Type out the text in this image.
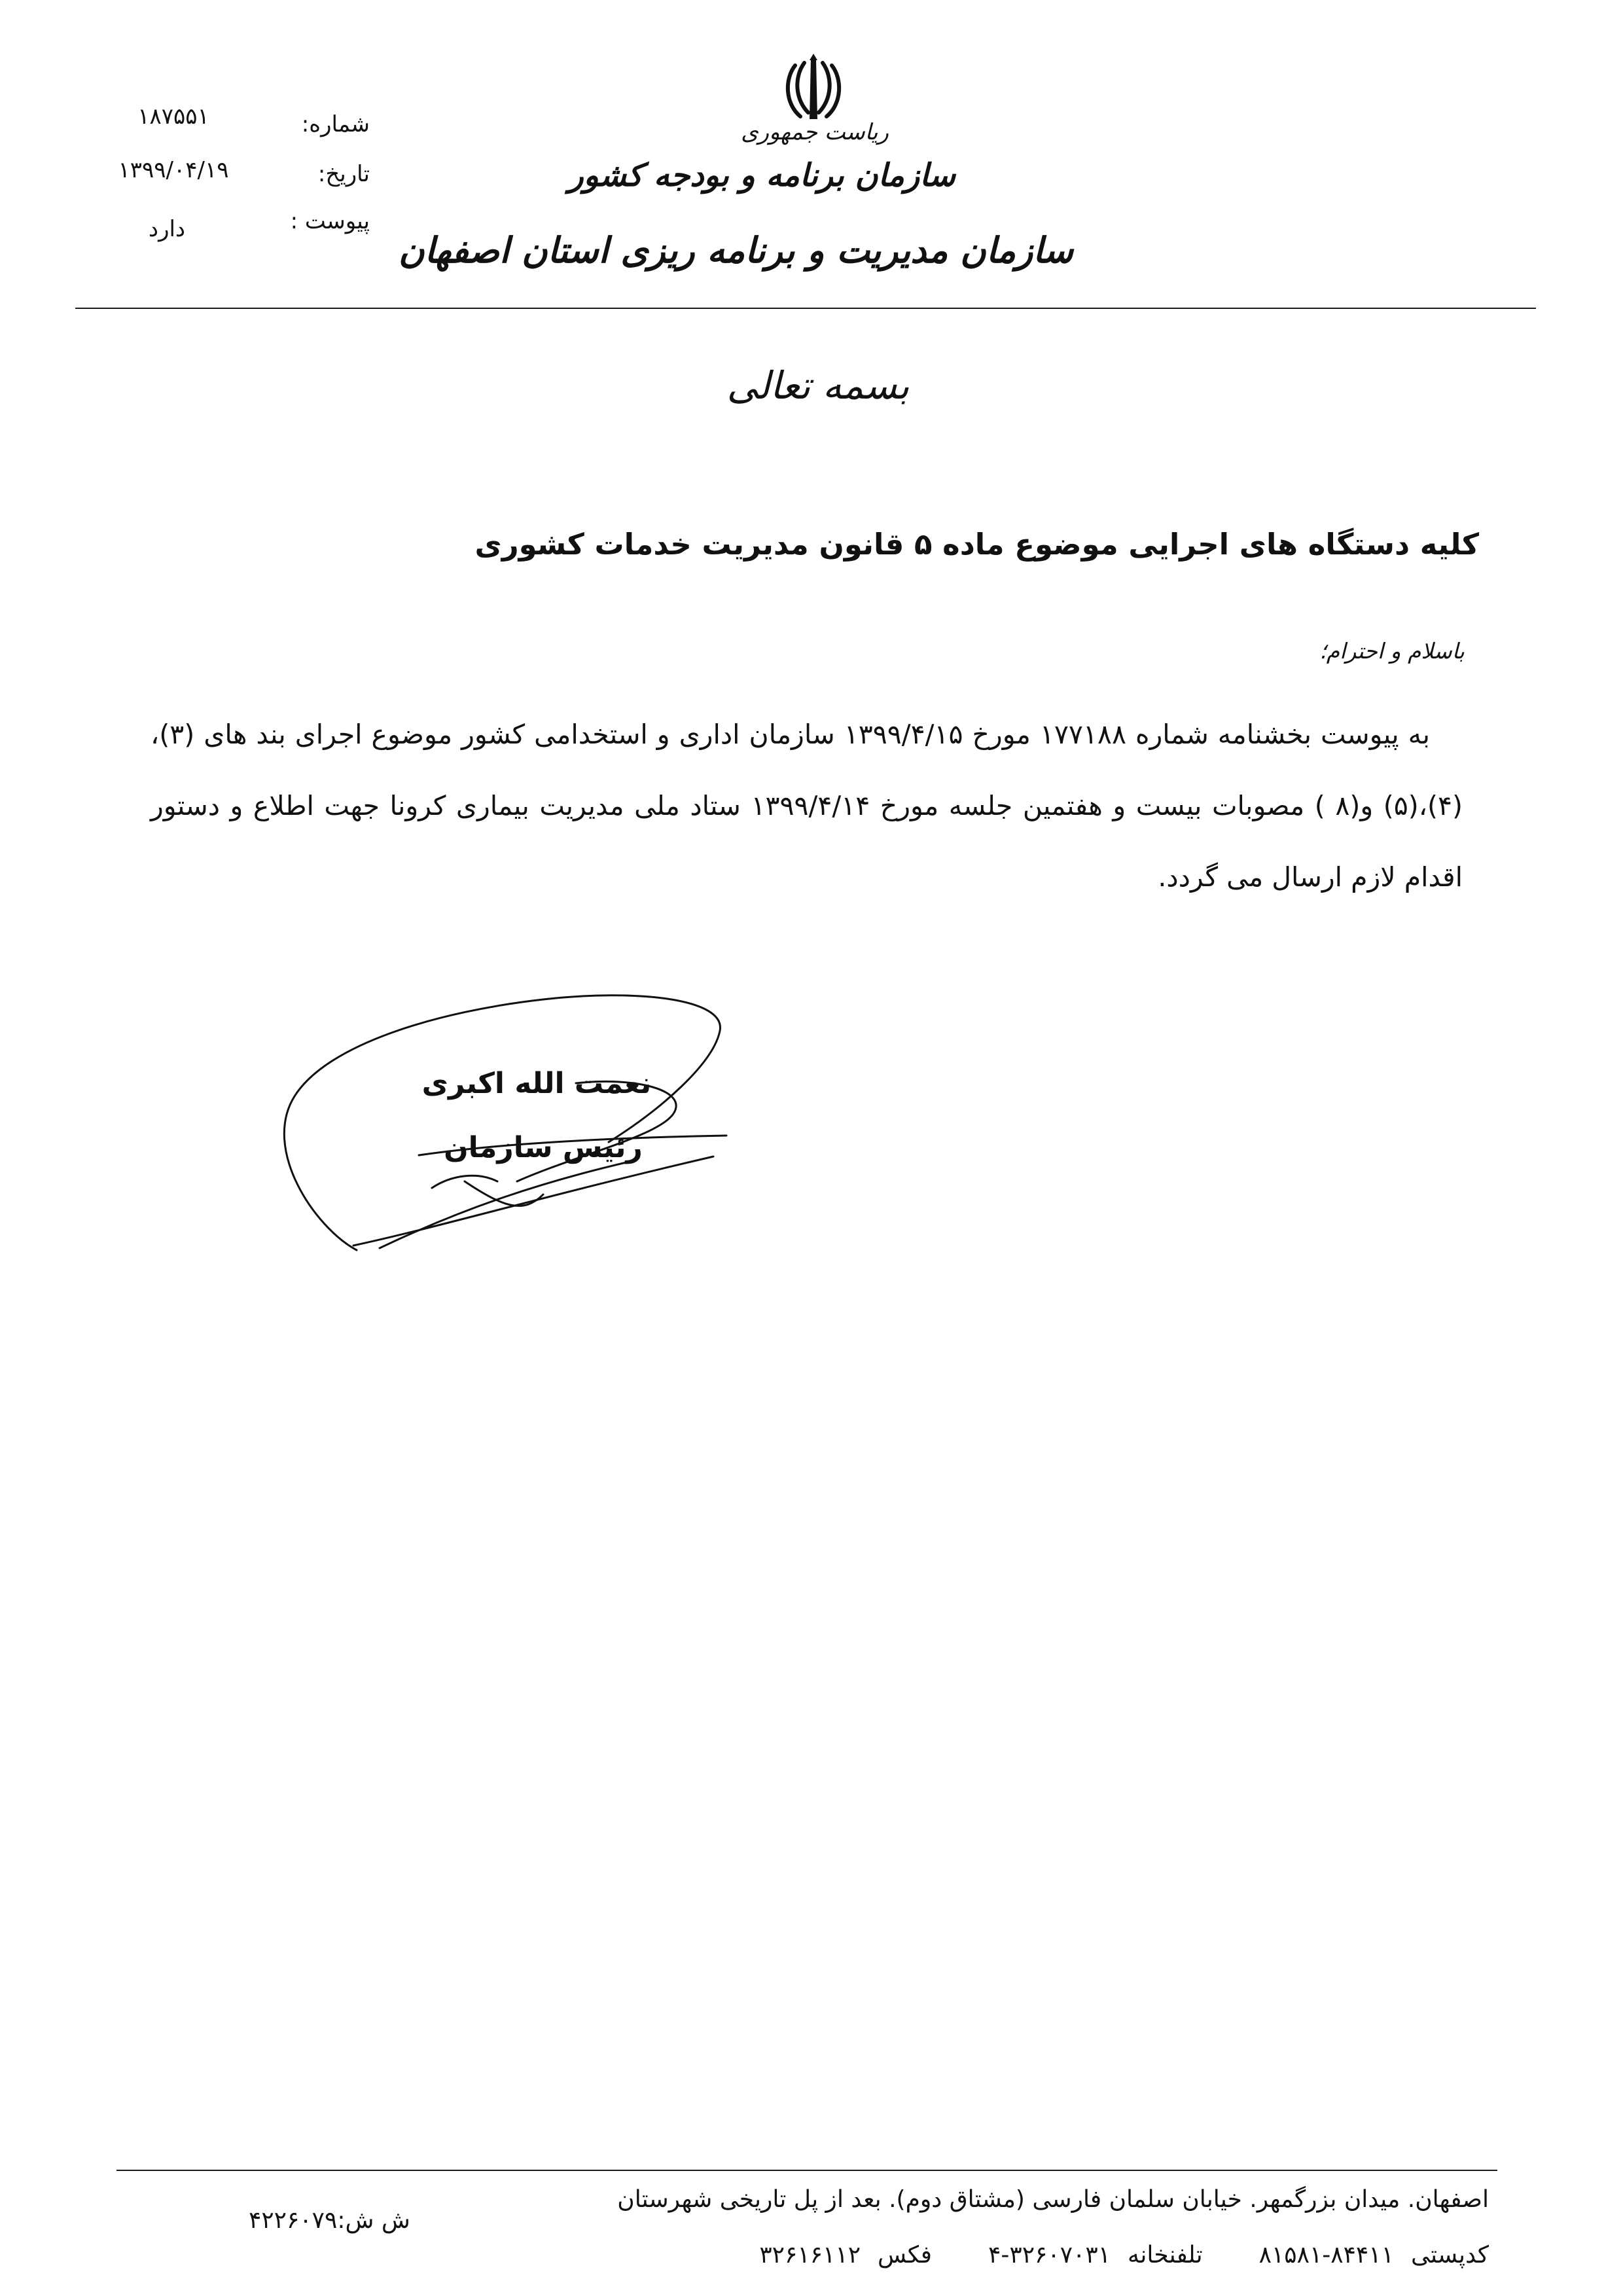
۱۸۷۵۵۱	شماره:
۱۳۹۹/۰۴/۱۹	تاریخ:
دارد	پیوست :
ریاست جمهوری
سازمان برنامه و بودجه کشور
سازمان مدیریت و برنامه ریزی استان اصفهان
بسمه تعالی
کلیه دستگاه های اجرایی موضوع ماده ۵ قانون مدیریت خدمات کشوری
باسلام و احترام؛
به پیوست بخشنامه شماره ۱۷۷۱۸۸ مورخ ۱۳۹۹/۴/۱۵ سازمان اداری و استخدامی کشور موضوع اجرای بند های (۳)، (۴)،(۵) و(۸ ) مصوبات بیست و هفتمین جلسه مورخ ۱۳۹۹/۴/۱۴ ستاد ملی مدیریت بیماری کرونا جهت اطلاع و دستور اقدام لازم ارسال می گردد.
نعمت الله اکبری
رئیس سازمان
ش ش:۴۲۲۶۰۷۹
اصفهان. میدان بزرگمهر. خیابان سلمان فارسی (مشتاق دوم). بعد از پل تاریخی شهرستان
کدپستی
۸۱۵۸۱-۸۴۴۱۱
تلفنخانه
۴-۳۲۶۰۷۰۳۱
فکس
۳۲۶۱۶۱۱۲
